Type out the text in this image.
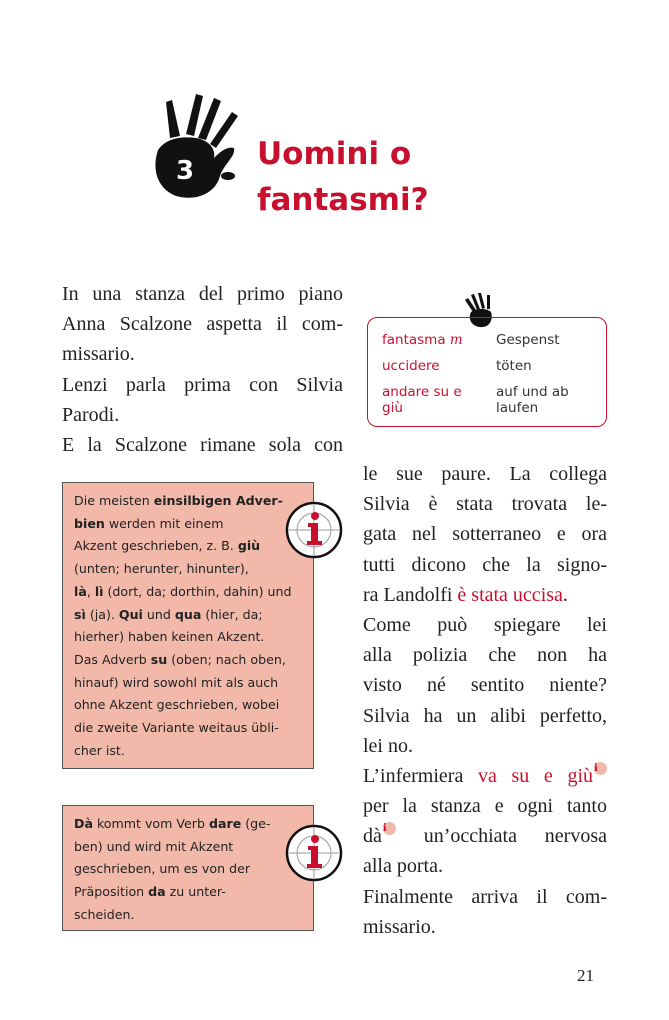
3 Uomini o
fantasmi?
In una stanza del primo piano
Anna Scalzone aspetta il com-
missario.
Lenzi parla prima con Silvia
Parodi.
E la Scalzone rimane sola con
le sue paure. La collega
Silvia è stata trovata le-
gata nel sotterraneo e ora
tutti dicono che la signo-
ra Landolfi è stata uccisa.
Come può spiegare lei
alla polizia che non ha
visto né sentito niente?
Silvia ha un alibi perfetto,
lei no.
L’infermiera va su e giùi
per la stanza e ogni tanto
dài un’occhiata nervosa
alla porta.
Finalmente arriva il com-
missario.
fantasma m	Gespenst
uccidere	töten
andare su e giù
auf und ab laufen
Die meisten einsilbigen Adver-
bien werden mit einem
Akzent geschrieben, z. B. giù
(unten; herunter, hinunter),
là, lì (dort, da; dorthin, dahin) und
sì (ja). Qui und qua (hier, da;
hierher) haben keinen Akzent.
Das Adverb su (oben; nach oben,
hinauf) wird sowohl mit als auch
ohne Akzent geschrieben, wobei
die zweite Variante weitaus übli-
cher ist.
Dà kommt vom Verb dare (ge-
ben) und wird mit Akzent
geschrieben, um es von der
Präposition da zu unter-
scheiden.
21
